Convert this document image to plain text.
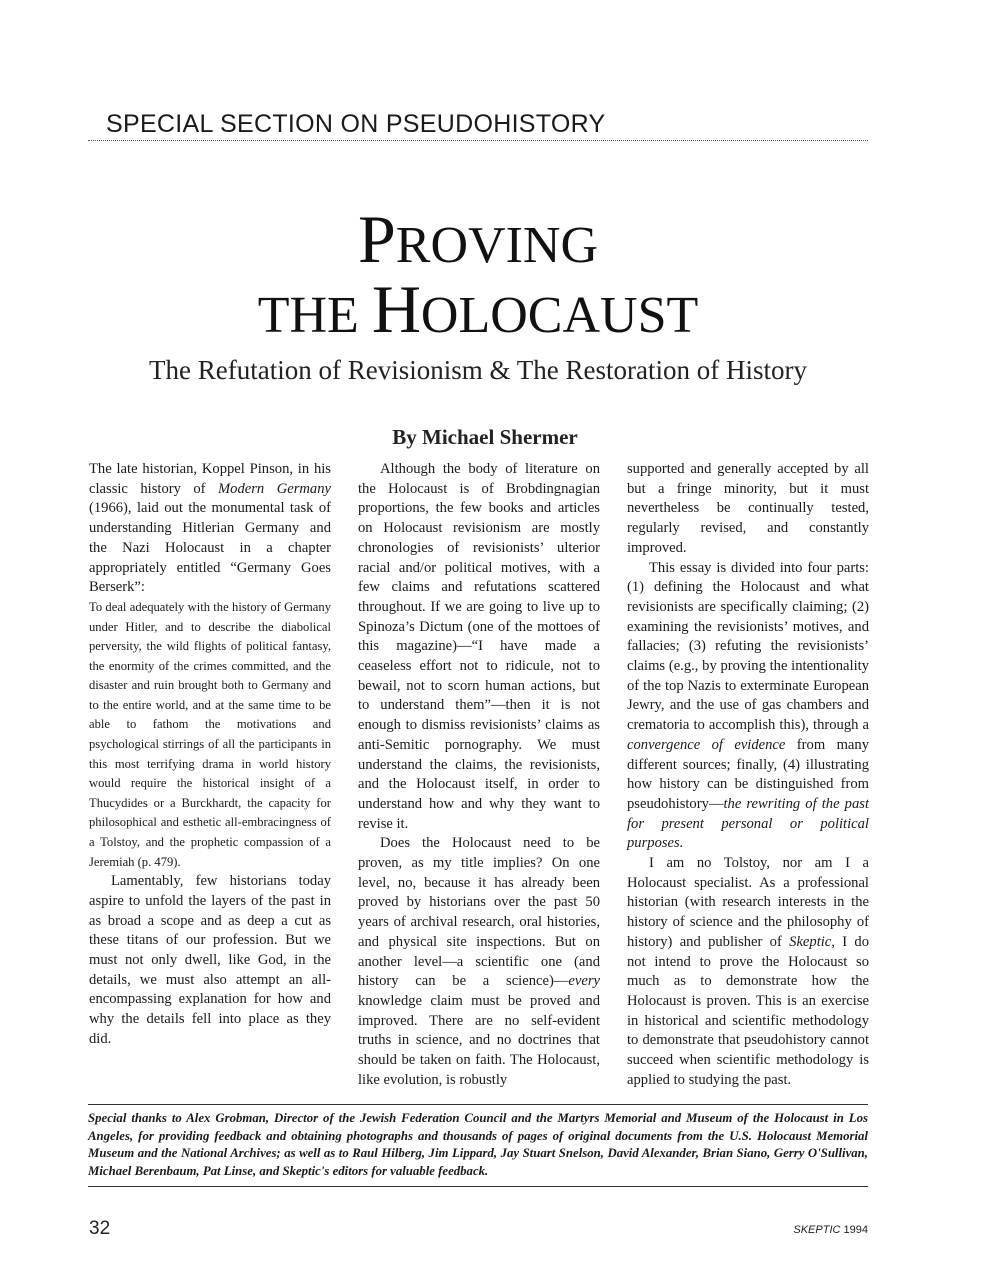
SPECIAL SECTION ON PSEUDOHISTORY
PROVING
THE HOLOCAUST

The Refutation of Revisionism & The Restoration of History

By Michael Shermer

The late historian, Koppel Pinson, in his classic history of Modern Germany (1966), laid out the monumental task of understanding Hitlerian Germany and the Nazi Holocaust in a chapter appropriately entitled “Germany Goes Berserk”:

To deal adequately with the history of Germany under Hitler, and to describe the diabolical perversity, the wild flights of political fantasy, the enormity of the crimes committed, and the disaster and ruin brought both to Germany and to the entire world, and at the same time to be able to fathom the motivations and psychological stirrings of all the participants in this most terrifying drama in world history would require the historical insight of a Thucydides or a Burckhardt, the capacity for philosophical and esthetic all-embracingness of a Tolstoy, and the prophetic compassion of a Jeremiah (p. 479).

Lamentably, few historians today aspire to unfold the layers of the past in as broad a scope and as deep a cut as these titans of our profession. But we must not only dwell, like God, in the details, we must also attempt an all-encompassing explanation for how and why the details fell into place as they did.

Although the body of literature on the Holocaust is of Brobdingnagian proportions, the few books and articles on Holocaust revisionism are mostly chronologies of revisionists’ ulterior racial and/or political motives, with a few claims and refutations scattered throughout. If we are going to live up to Spinoza’s Dictum (one of the mottoes of this magazine)—“I have made a ceaseless effort not to ridicule, not to bewail, not to scorn human actions, but to understand them”—then it is not enough to dismiss revisionists’ claims as anti-Semitic pornography. We must understand the claims, the revisionists, and the Holocaust itself, in order to understand how and why they want to revise it.

Does the Holocaust need to be proven, as my title implies? On one level, no, because it has already been proved by historians over the past 50 years of archival research, oral histories, and physical site inspections. But on another level—a scientific one (and history can be a science)—every knowledge claim must be proved and improved. There are no self-evident truths in science, and no doctrines that should be taken on faith. The Holocaust, like evolution, is robustly

supported and generally accepted by all but a fringe minority, but it must nevertheless be continually tested, regularly revised, and constantly improved.

This essay is divided into four parts: (1) defining the Holocaust and what revisionists are specifically claiming; (2) examining the revisionists’ motives, and fallacies; (3) refuting the revisionists’ claims (e.g., by proving the intentionality of the top Nazis to exterminate European Jewry, and the use of gas chambers and crematoria to accomplish this), through a convergence of evidence from many different sources; finally, (4) illustrating how history can be distinguished from pseudohistory—the rewriting of the past for present personal or political purposes.

I am no Tolstoy, nor am I a Holocaust specialist. As a professional historian (with research interests in the history of science and the philosophy of history) and publisher of Skeptic, I do not intend to prove the Holocaust so much as to demonstrate how the Holocaust is proven. This is an exercise in historical and scientific methodology to demonstrate that pseudohistory cannot succeed when scientific methodology is applied to studying the past.

Special thanks to Alex Grobman, Director of the Jewish Federation Council and the Martyrs Memorial and Museum of the Holocaust in Los Angeles, for providing feedback and obtaining photographs and thousands of pages of original documents from the U.S. Holocaust Memorial Museum and the National Archives; as well as to Raul Hilberg, Jim Lippard, Jay Stuart Snelson, David Alexander, Brian Siano, Gerry O'Sullivan, Michael Berenbaum, Pat Linse, and Skeptic's editors for valuable feedback.
32	SKEPTIC 1994
